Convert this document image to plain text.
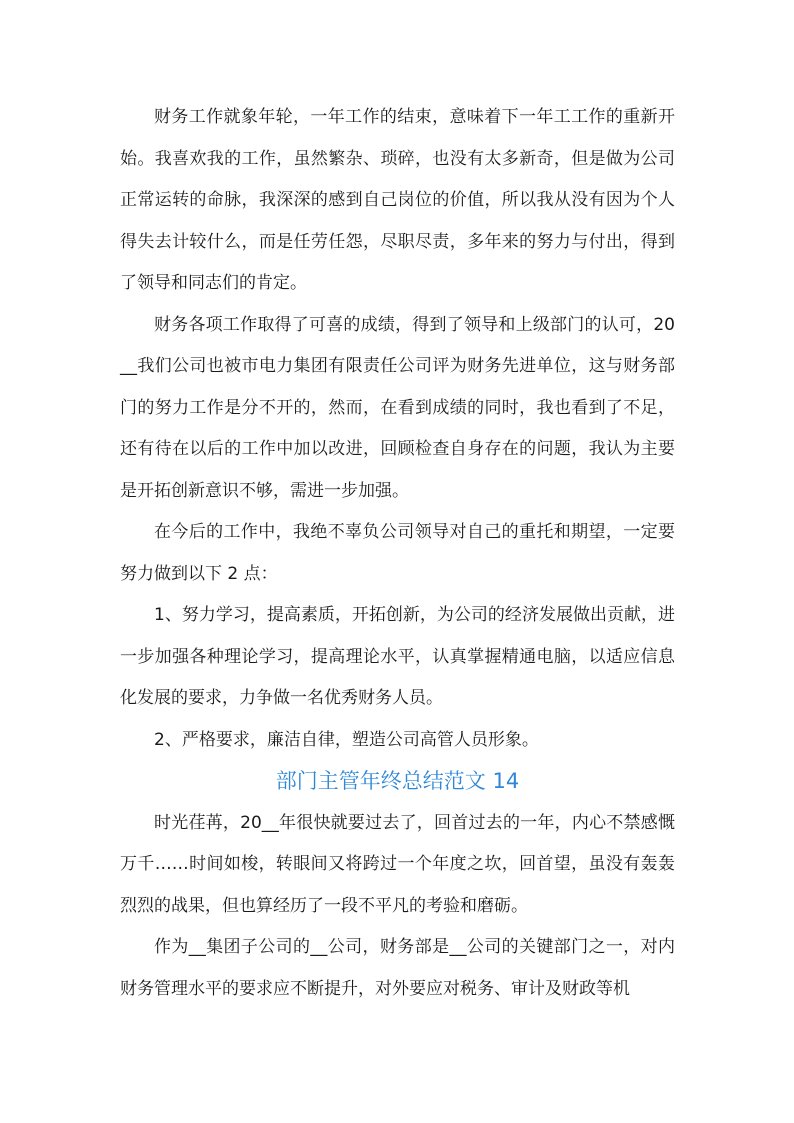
财务工作就象年轮，一年工作的结束，意味着下一年工工作的重新开始。我喜欢我的工作，虽然繁杂、琐碎，也没有太多新奇，但是做为公司正常运转的命脉，我深深的感到自己岗位的价值，所以我从没有因为个人得失去计较什么，而是任劳任怨，尽职尽责，多年来的努力与付出，得到了领导和同志们的肯定。

财务各项工作取得了可喜的成绩，得到了领导和上级部门的认可，20__我们公司也被市电力集团有限责任公司评为财务先进单位，这与财务部门的努力工作是分不开的，然而，在看到成绩的同时，我也看到了不足，还有待在以后的工作中加以改进，回顾检查自身存在的问题，我认为主要是开拓创新意识不够，需进一步加强。

在今后的工作中，我绝不辜负公司领导对自己的重托和期望，一定要努力做到以下 2 点：

1、努力学习，提高素质，开拓创新，为公司的经济发展做出贡献，进一步加强各种理论学习，提高理论水平，认真掌握精通电脑，以适应信息化发展的要求，力争做一名优秀财务人员。

2、严格要求，廉洁自律，塑造公司高管人员形象。

部门主管年终总结范文 14

时光荏苒，20__年很快就要过去了，回首过去的一年，内心不禁感慨万千……时间如梭，转眼间又将跨过一个年度之坎，回首望，虽没有轰轰烈烈的战果，但也算经历了一段不平凡的考验和磨砺。

作为__集团子公司的__公司，财务部是__公司的关键部门之一，对内财务管理水平的要求应不断提升，对外要应对税务、审计及财政等机
